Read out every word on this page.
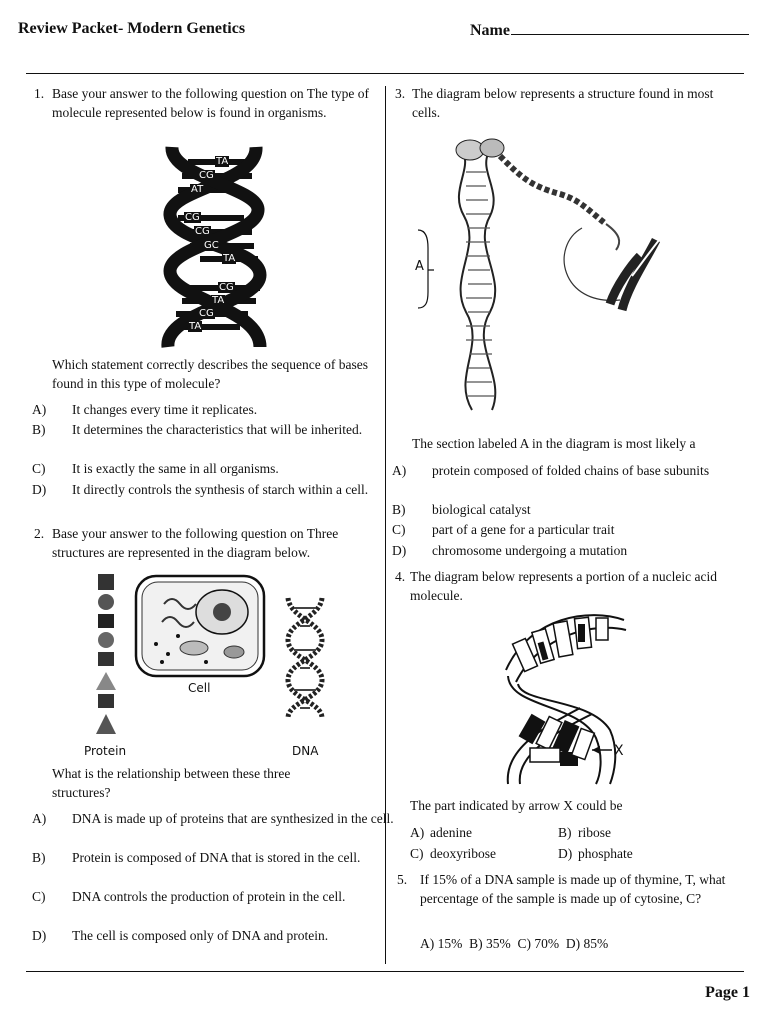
Review Packet- Modern Genetics	Name
1. Base your answer to the following question on The type of molecule represented below is found in organisms.
TA
CG
AT
CG
CG
GC
TA
CG
TA
CG
TA
Which statement correctly describes the sequence of bases found in this type of molecule?
A) It changes every time it replicates.
B) It determines the characteristics that will be inherited.
C) It is exactly the same in all organisms.
D) It directly controls the synthesis of starch within a cell.
2. Base your answer to the following question on Three structures are represented in the diagram below.
Cell
Protein	DNA
What is the relationship between these three structures?
A) DNA is made up of proteins that are synthesized in the cell.
B) Protein is composed of DNA that is stored in the cell.
C) DNA controls the production of protein in the cell.
D) The cell is composed only of DNA and protein.
3. The diagram below represents a structure found in most cells.
A
The section labeled A in the diagram is most likely a
A) protein composed of folded chains of base subunits
B) biological catalyst
C) part of a gene for a particular trait
D) chromosome undergoing a mutation
4. The diagram below represents a portion of a nucleic acid molecule.
X
The part indicated by arrow X could be
A) adenine	B) ribose
C) deoxyribose	D) phosphate
5. If 15% of a DNA sample is made up of thymine, T, what percentage of the sample is made up of cytosine, C?
A) 15% B) 35% C) 70% D) 85%
Page 1
